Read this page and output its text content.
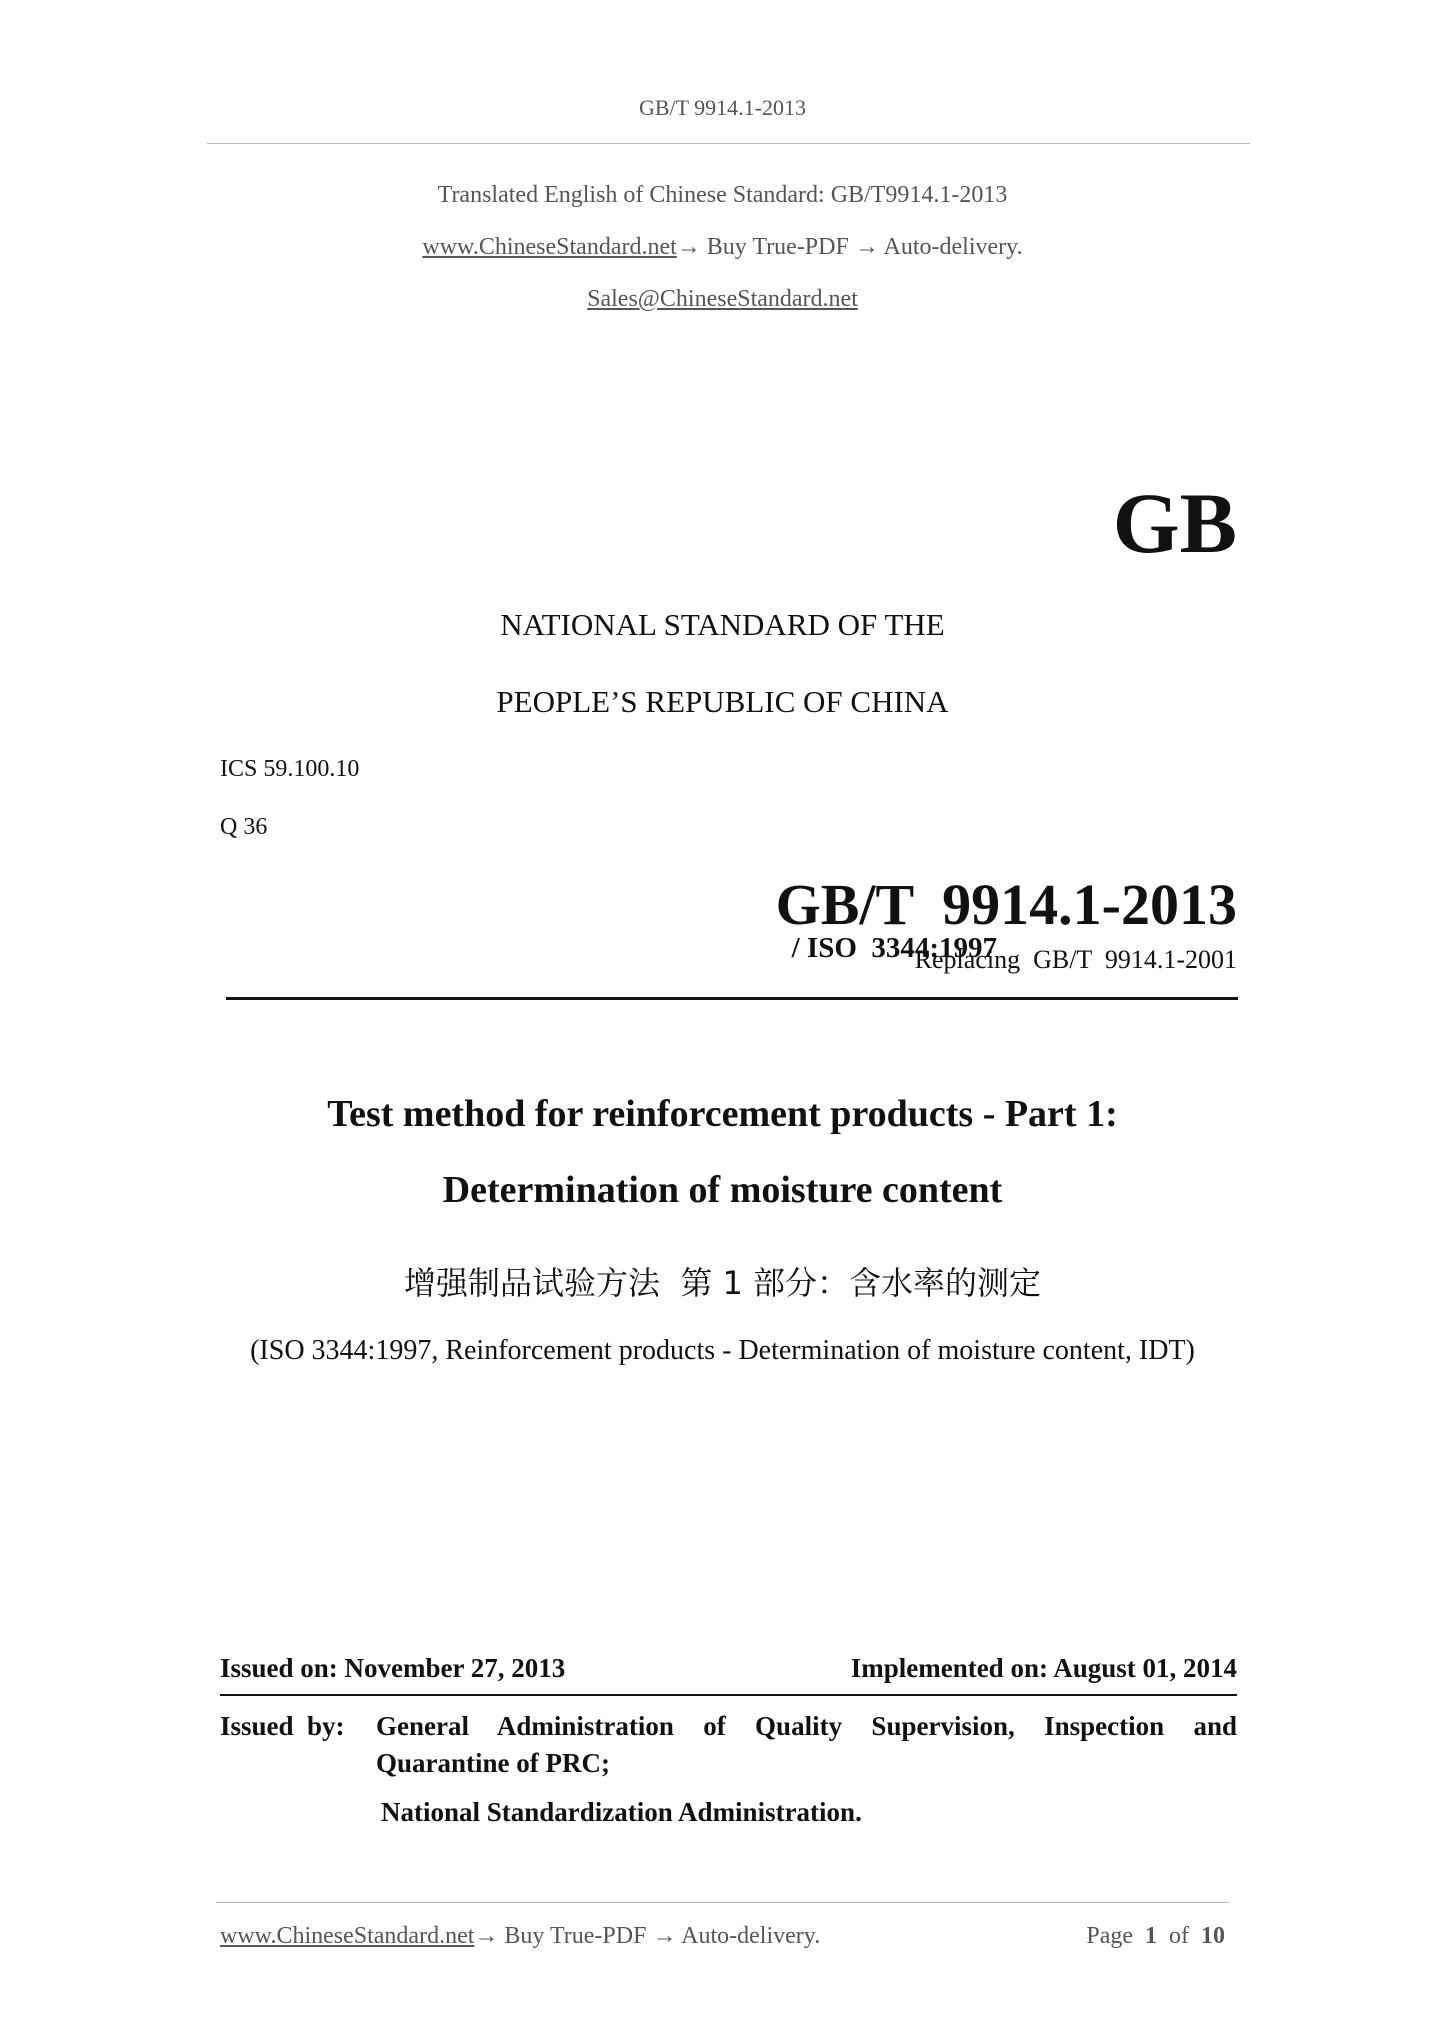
GB/T 9914.1-2013
Translated English of Chinese Standard: GB/T9914.1-2013
www.ChineseStandard.net→ Buy True-PDF → Auto-delivery.
Sales@ChineseStandard.net
GB
NATIONAL STANDARD OF THE
PEOPLE’S REPUBLIC OF CHINA
ICS 59.100.10
Q 36

GB/T  9914.1-2013
/ ISO  3344:1997

Replacing  GB/T  9914.1-2001
Test method for reinforcement products - Part 1:
Determination of moisture content
增强制品试验方法  第 1 部分：含水率的测定
(ISO 3344:1997, Reinforcement products - Determination of moisture content, IDT)
Issued on: November 27, 2013	Implemented on: August 01, 2014
Issued  by: General  Administration  of  Quality  Supervision,  Inspection  and
Quarantine of PRC;
National Standardization Administration.
www.ChineseStandard.net→ Buy True-PDF → Auto-delivery.	Page 1 of 10
